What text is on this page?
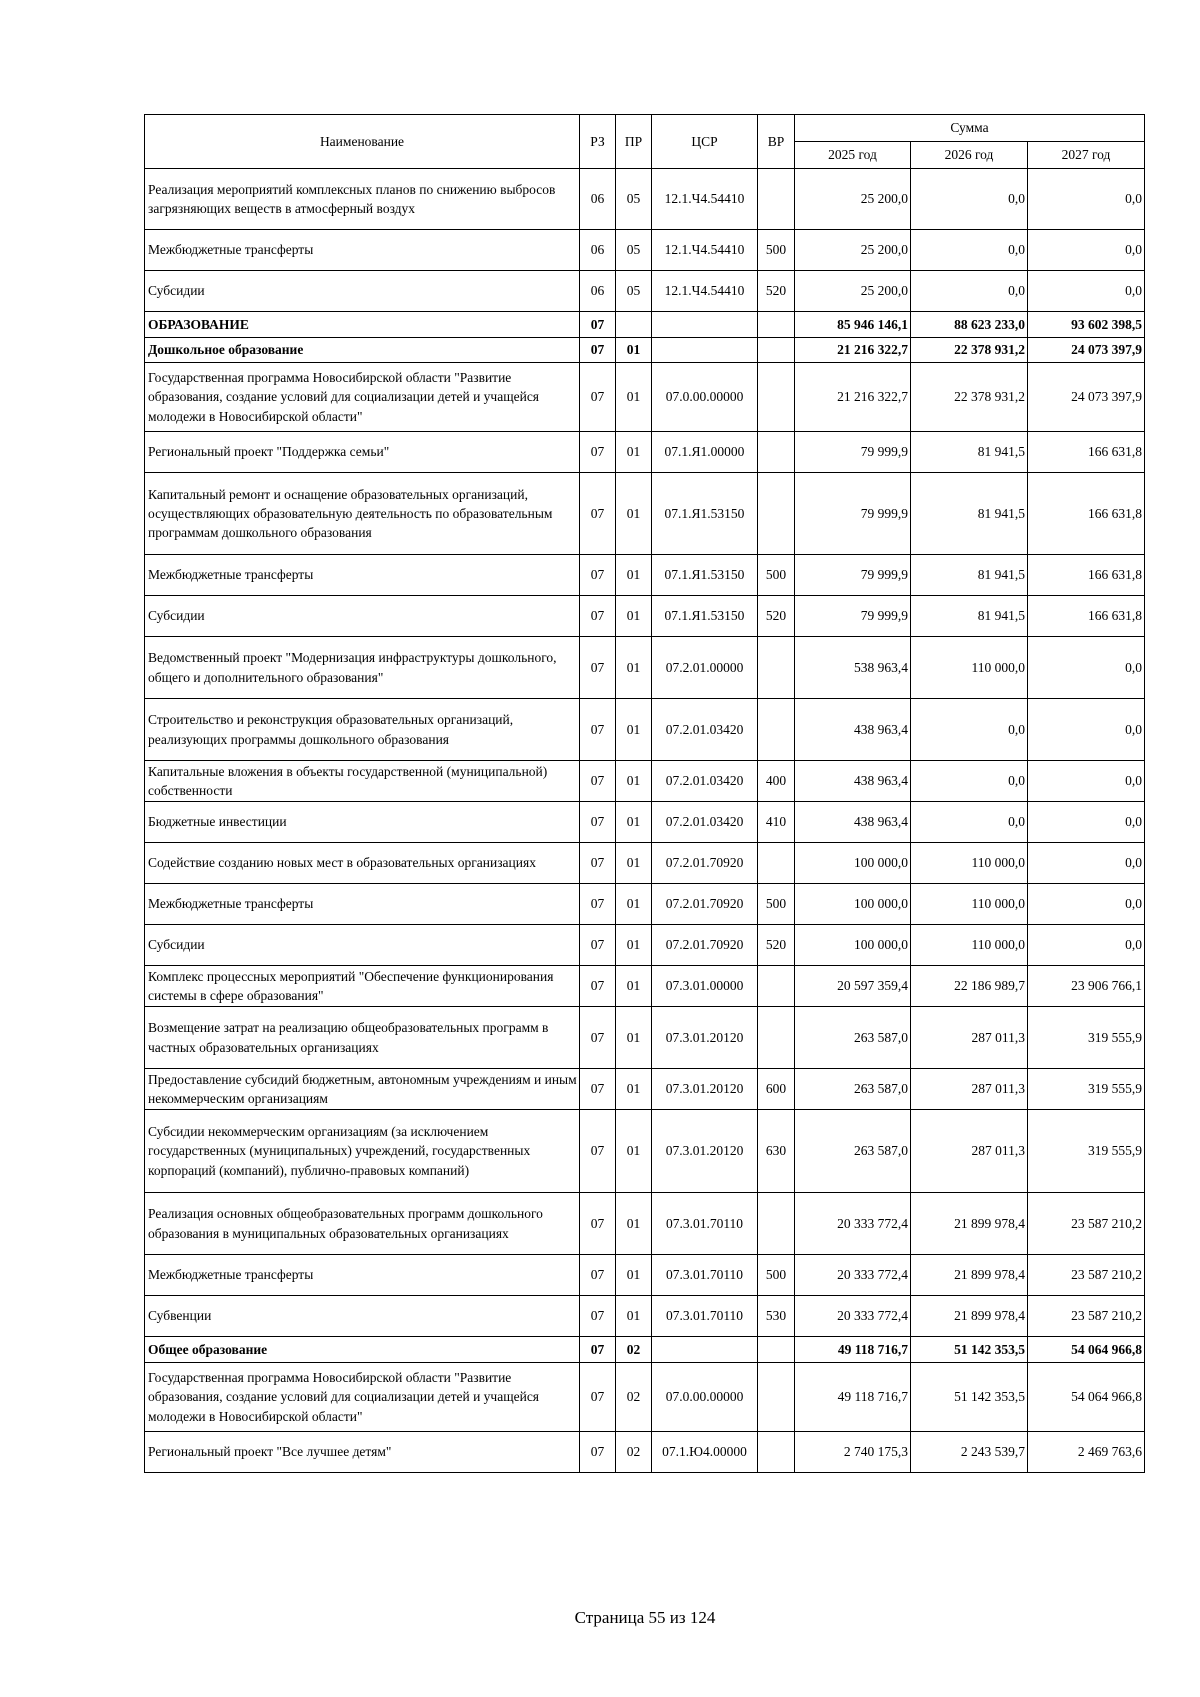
Наименование	РЗ	ПР	ЦСР	ВР	Сумма		
					2025 год	2026 год	2027 год
Реализация мероприятий комплексных планов по снижению выбросов загрязняющих веществ в атмосферный воздух	06	05	12.1.Ч4.54410		25 200,0	0,0	0,0
Межбюджетные трансферты	06	05	12.1.Ч4.54410	500	25 200,0	0,0	0,0
Субсидии	06	05	12.1.Ч4.54410	520	25 200,0	0,0	0,0
ОБРАЗОВАНИЕ	07				85 946 146,1	88 623 233,0	93 602 398,5
Дошкольное образование	07	01			21 216 322,7	22 378 931,2	24 073 397,9
Государственная программа Новосибирской области "Развитие образования, создание условий для социализации детей и учащейся молодежи в Новосибирской области"	07	01	07.0.00.00000		21 216 322,7	22 378 931,2	24 073 397,9
Региональный проект "Поддержка семьи"	07	01	07.1.Я1.00000		79 999,9	81 941,5	166 631,8
Капитальный ремонт и оснащение образовательных организаций, осуществляющих образовательную деятельность по образовательным программам дошкольного образования	07	01	07.1.Я1.53150		79 999,9	81 941,5	166 631,8
Межбюджетные трансферты	07	01	07.1.Я1.53150	500	79 999,9	81 941,5	166 631,8
Субсидии	07	01	07.1.Я1.53150	520	79 999,9	81 941,5	166 631,8
Ведомственный проект "Модернизация инфраструктуры дошкольного, общего и дополнительного образования"	07	01	07.2.01.00000		538 963,4	110 000,0	0,0
Строительство и реконструкция образовательных организаций, реализующих программы дошкольного образования	07	01	07.2.01.03420		438 963,4	0,0	0,0
Капитальные вложения в объекты государственной (муниципальной) собственности	07	01	07.2.01.03420	400	438 963,4	0,0	0,0
Бюджетные инвестиции	07	01	07.2.01.03420	410	438 963,4	0,0	0,0
Содействие созданию новых мест в образовательных организациях	07	01	07.2.01.70920		100 000,0	110 000,0	0,0
Межбюджетные трансферты	07	01	07.2.01.70920	500	100 000,0	110 000,0	0,0
Субсидии	07	01	07.2.01.70920	520	100 000,0	110 000,0	0,0
Комплекс процессных мероприятий "Обеспечение функционирования системы в сфере образования"	07	01	07.3.01.00000		20 597 359,4	22 186 989,7	23 906 766,1
Возмещение затрат на реализацию общеобразовательных программ в частных образовательных организациях	07	01	07.3.01.20120		263 587,0	287 011,3	319 555,9
Предоставление субсидий бюджетным, автономным учреждениям и иным некоммерческим организациям	07	01	07.3.01.20120	600	263 587,0	287 011,3	319 555,9
Субсидии некоммерческим организациям (за исключением государственных (муниципальных) учреждений, государственных корпораций (компаний), публично-правовых компаний)	07	01	07.3.01.20120	630	263 587,0	287 011,3	319 555,9
Реализация основных общеобразовательных программ дошкольного образования в муниципальных образовательных организациях	07	01	07.3.01.70110		20 333 772,4	21 899 978,4	23 587 210,2
Межбюджетные трансферты	07	01	07.3.01.70110	500	20 333 772,4	21 899 978,4	23 587 210,2
Субвенции	07	01	07.3.01.70110	530	20 333 772,4	21 899 978,4	23 587 210,2
Общее образование	07	02			49 118 716,7	51 142 353,5	54 064 966,8
Государственная программа Новосибирской области "Развитие образования, создание условий для социализации детей и учащейся молодежи в Новосибирской области"	07	02	07.0.00.00000		49 118 716,7	51 142 353,5	54 064 966,8
Региональный проект "Все лучшее детям"	07	02	07.1.Ю4.00000		2 740 175,3	2 243 539,7	2 469 763,6
Страница 55 из 124
